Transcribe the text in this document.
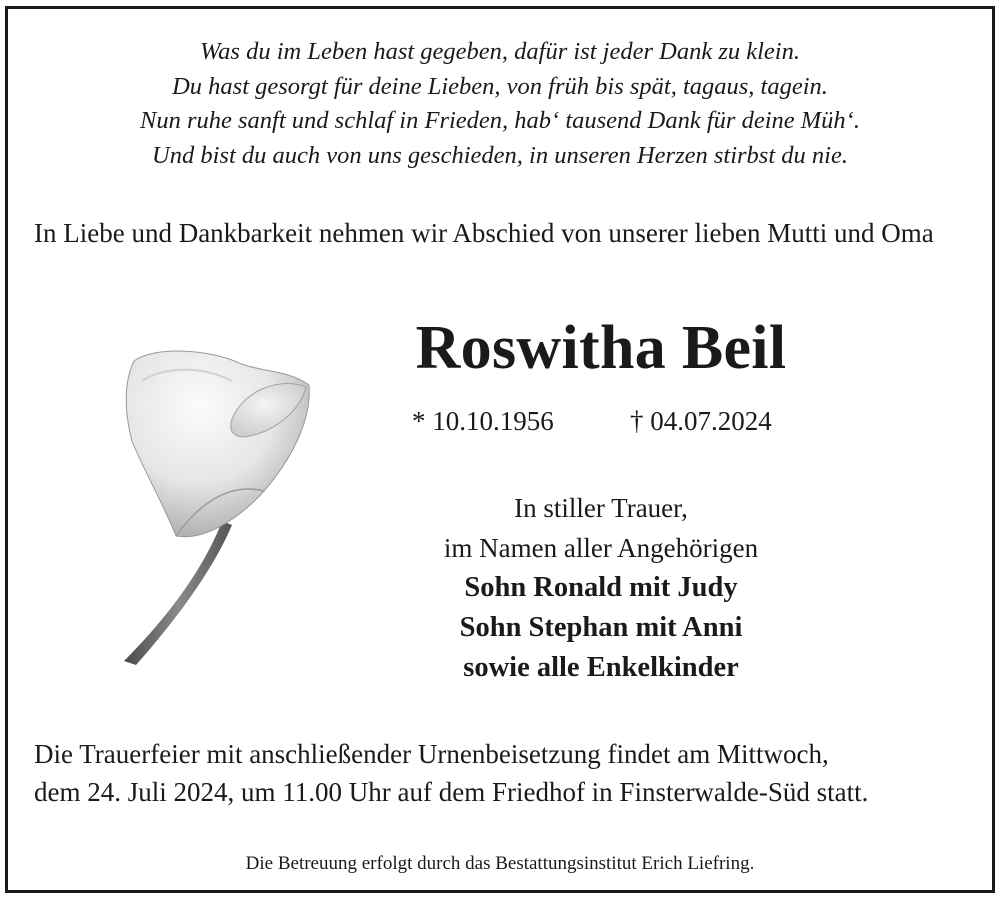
Was du im Leben hast gegeben, dafür ist jeder Dank zu klein.
Du hast gesorgt für deine Lieben, von früh bis spät, tagaus, tagein.
Nun ruhe sanft und schlaf in Frieden, hab‘ tausend Dank für deine Müh‘.
Und bist du auch von uns geschieden, in unseren Herzen stirbst du nie.
In Liebe und Dankbarkeit nehmen wir Abschied von unserer lieben Mutti und Oma
Roswitha Beil
* 10.10.1956	† 04.07.2024
In stiller Trauer,
im Namen aller Angehörigen
Sohn Ronald mit Judy
Sohn Stephan mit Anni
sowie alle Enkelkinder
Die Trauerfeier mit anschließender Urnenbeisetzung findet am Mittwoch,
dem 24. Juli 2024, um 11.00 Uhr auf dem Friedhof in Finsterwalde-Süd statt.
Die Betreuung erfolgt durch das Bestattungsinstitut Erich Liefring.
